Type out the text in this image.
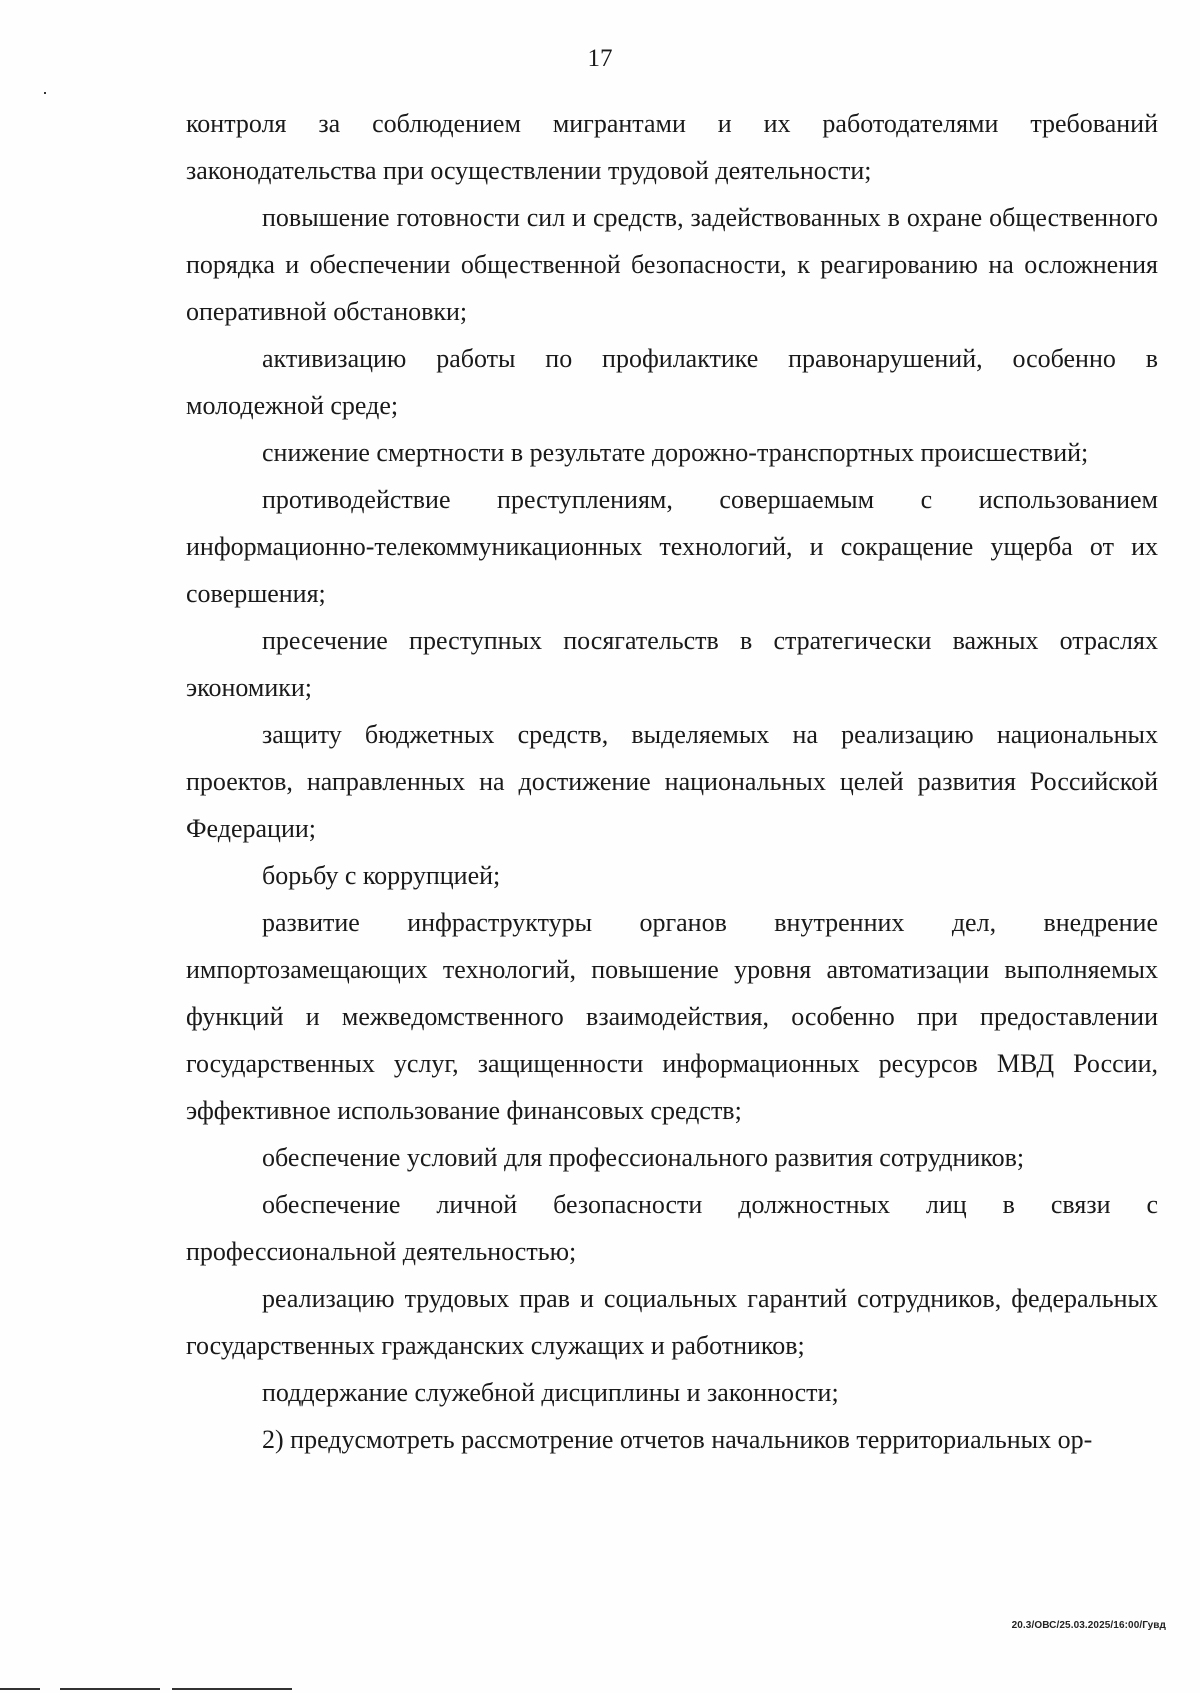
17

контроля за соблюдением мигрантами и их работодателями требований законодательства при осуществлении трудовой деятельности;

повышение готовности сил и средств, задействованных в охране общественного порядка и обеспечении общественной безопасности, к реагированию на осложнения оперативной обстановки;

активизацию работы по профилактике правонарушений, особенно в молодежной среде;

снижение смертности в результате дорожно-транспортных происшествий;

противодействие преступлениям, совершаемым с использованием информационно-телекоммуникационных технологий, и сокращение ущерба от их совершения;

пресечение преступных посягательств в стратегически важных отраслях экономики;

защиту бюджетных средств, выделяемых на реализацию национальных проектов, направленных на достижение национальных целей развития Российской Федерации;

борьбу с коррупцией;

развитие инфраструктуры органов внутренних дел, внедрение импортозамещающих технологий, повышение уровня автоматизации выполняемых функций и межведомственного взаимодействия, особенно при предоставлении государственных услуг, защищенности информационных ресурсов МВД России, эффективное использование финансовых средств;

обеспечение условий для профессионального развития сотрудников;

обеспечение личной безопасности должностных лиц в связи с профессиональной деятельностью;

реализацию трудовых прав и социальных гарантий сотрудников, федеральных государственных гражданских служащих и работников;

поддержание служебной дисциплины и законности;

2) предусмотреть рассмотрение отчетов начальников территориальных ор-

20.3/ОВС/25.03.2025/16:00/Гувд
